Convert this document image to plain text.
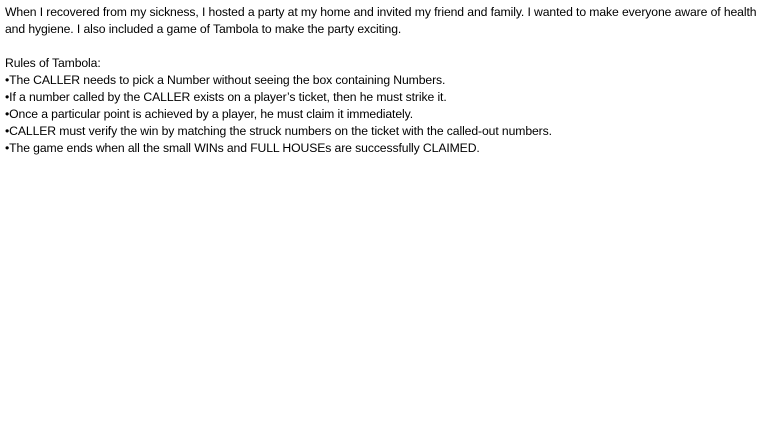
When I recovered from my sickness, I hosted a party at my home and invited my friend and family. I wanted to make everyone aware of health and hygiene. I also included a game of Tambola to make the party exciting.

Rules of Tambola:

•The CALLER needs to pick a Number without seeing the box containing Numbers.
•If a number called by the CALLER exists on a player’s ticket, then he must strike it.
•Once a particular point is achieved by a player, he must claim it immediately.
•CALLER must verify the win by matching the struck numbers on the ticket with the called-out numbers.
•The game ends when all the small WINs and FULL HOUSEs are successfully CLAIMED.
